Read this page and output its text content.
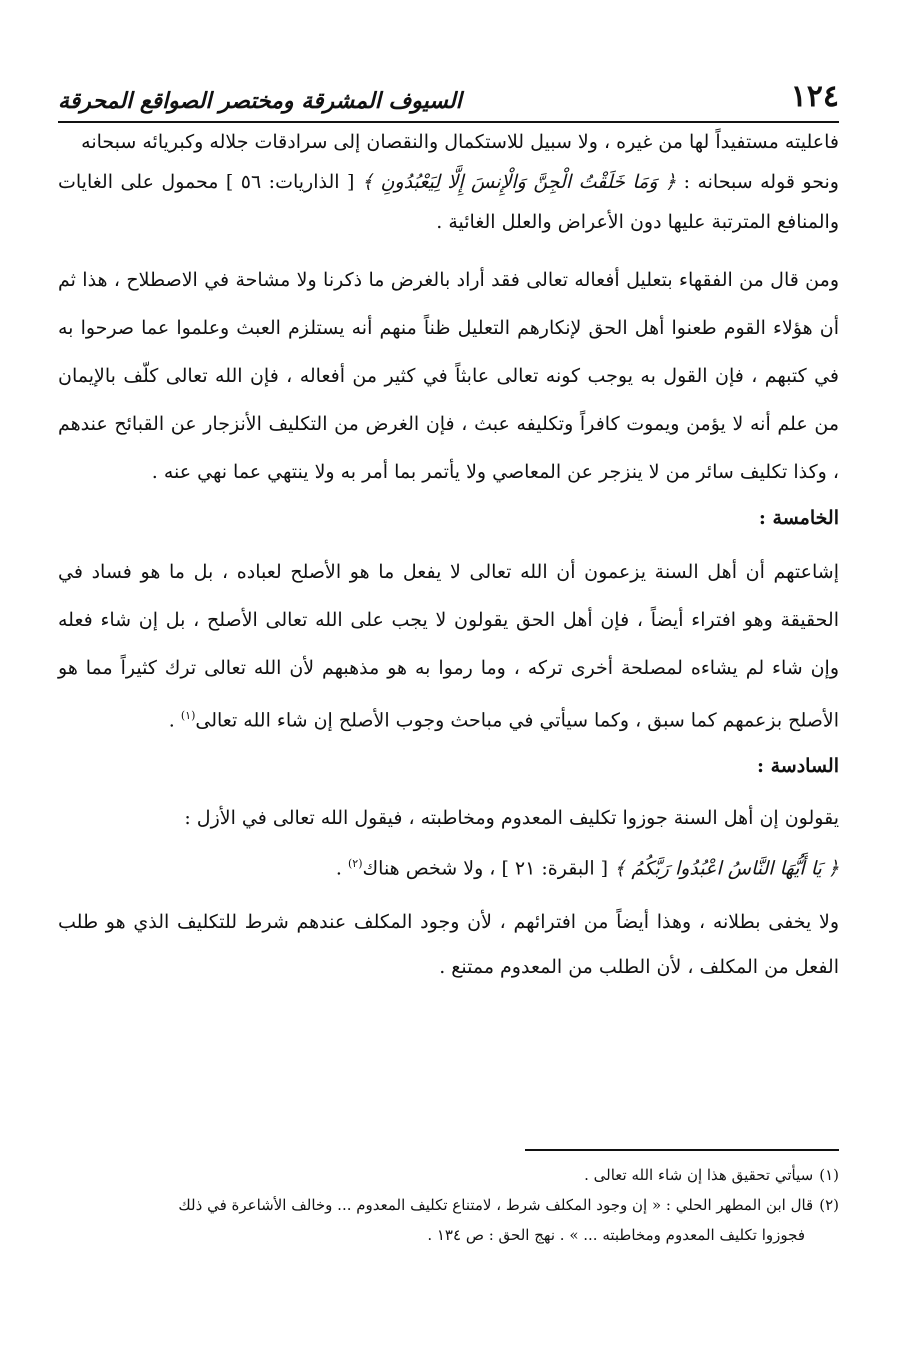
١٢٤
السيوف المشرقة ومختصر الصواقع المحرقة

فاعليته مستفيداً لها من غيره ، ولا سبيل للاستكمال والنقصان إلى سرادقات جلاله وكبريائه سبحانه

ونحو قوله سبحانه : ﴿ وَمَا خَلَقْتُ الْجِنَّ وَالْإِنسَ إِلَّا لِيَعْبُدُونِ ﴾ [ الذاريات: ٥٦ ] محمول على الغايات والمنافع المترتبة عليها دون الأعراض والعلل الغائية .

ومن قال من الفقهاء بتعليل أفعاله تعالى فقد أراد بالغرض ما ذكرنا ولا مشاحة في الاصطلاح ، هذا ثم أن هؤلاء القوم طعنوا أهل الحق لإنكارهم التعليل ظناً منهم أنه يستلزم العبث وعلموا عما صرحوا به في كتبهم ، فإن القول به يوجب كونه تعالى عابثاً في كثير من أفعاله ، فإن الله تعالى كلّف بالإيمان من علم أنه لا يؤمن ويموت كافراً وتكليفه عبث ، فإن الغرض من التكليف الأنزجار عن القبائح عندهم ، وكذا تكليف سائر من لا ينزجر عن المعاصي ولا يأتمر بما أمر به ولا ينتهي عما نهي عنه .

الخامسة :

إشاعتهم أن أهل السنة يزعمون أن الله تعالى لا يفعل ما هو الأصلح لعباده ، بل ما هو فساد في الحقيقة وهو افتراء أيضاً ، فإن أهل الحق يقولون لا يجب على الله تعالى الأصلح ، بل إن شاء فعله وإن شاء لم يشاءه لمصلحة أخرى تركه ، وما رموا به هو مذهبهم لأن الله تعالى ترك كثيراً مما هو الأصلح بزعمهم كما سبق ، وكما سيأتي في مباحث وجوب الأصلح إن شاء الله تعالى$^{(١)}$ .

السادسة :

يقولون إن أهل السنة جوزوا تكليف المعدوم ومخاطبته ، فيقول الله تعالى في الأزل :

﴿ يَا أَيُّهَا النَّاسُ اعْبُدُوا رَبَّكُمُ ﴾ [ البقرة: ٢١ ] ، ولا شخص هناك$^{(٢)}$ .

ولا يخفى بطلانه ، وهذا أيضاً من افترائهم ، لأن وجود المكلف عندهم شرط للتكليف الذي هو طلب الفعل من المكلف ، لأن الطلب من المعدوم ممتنع .

(١)سيأتي تحقيق هذا إن شاء الله تعالى .

(٢)قال ابن المطهر الحلي : « إن وجود المكلف شرط ، لامتناع تكليف المعدوم ... وخالف الأشاعرة في ذلك

فجوزوا تكليف المعدوم ومخاطبته ... » . نهج الحق : ص ١٣٤ .
